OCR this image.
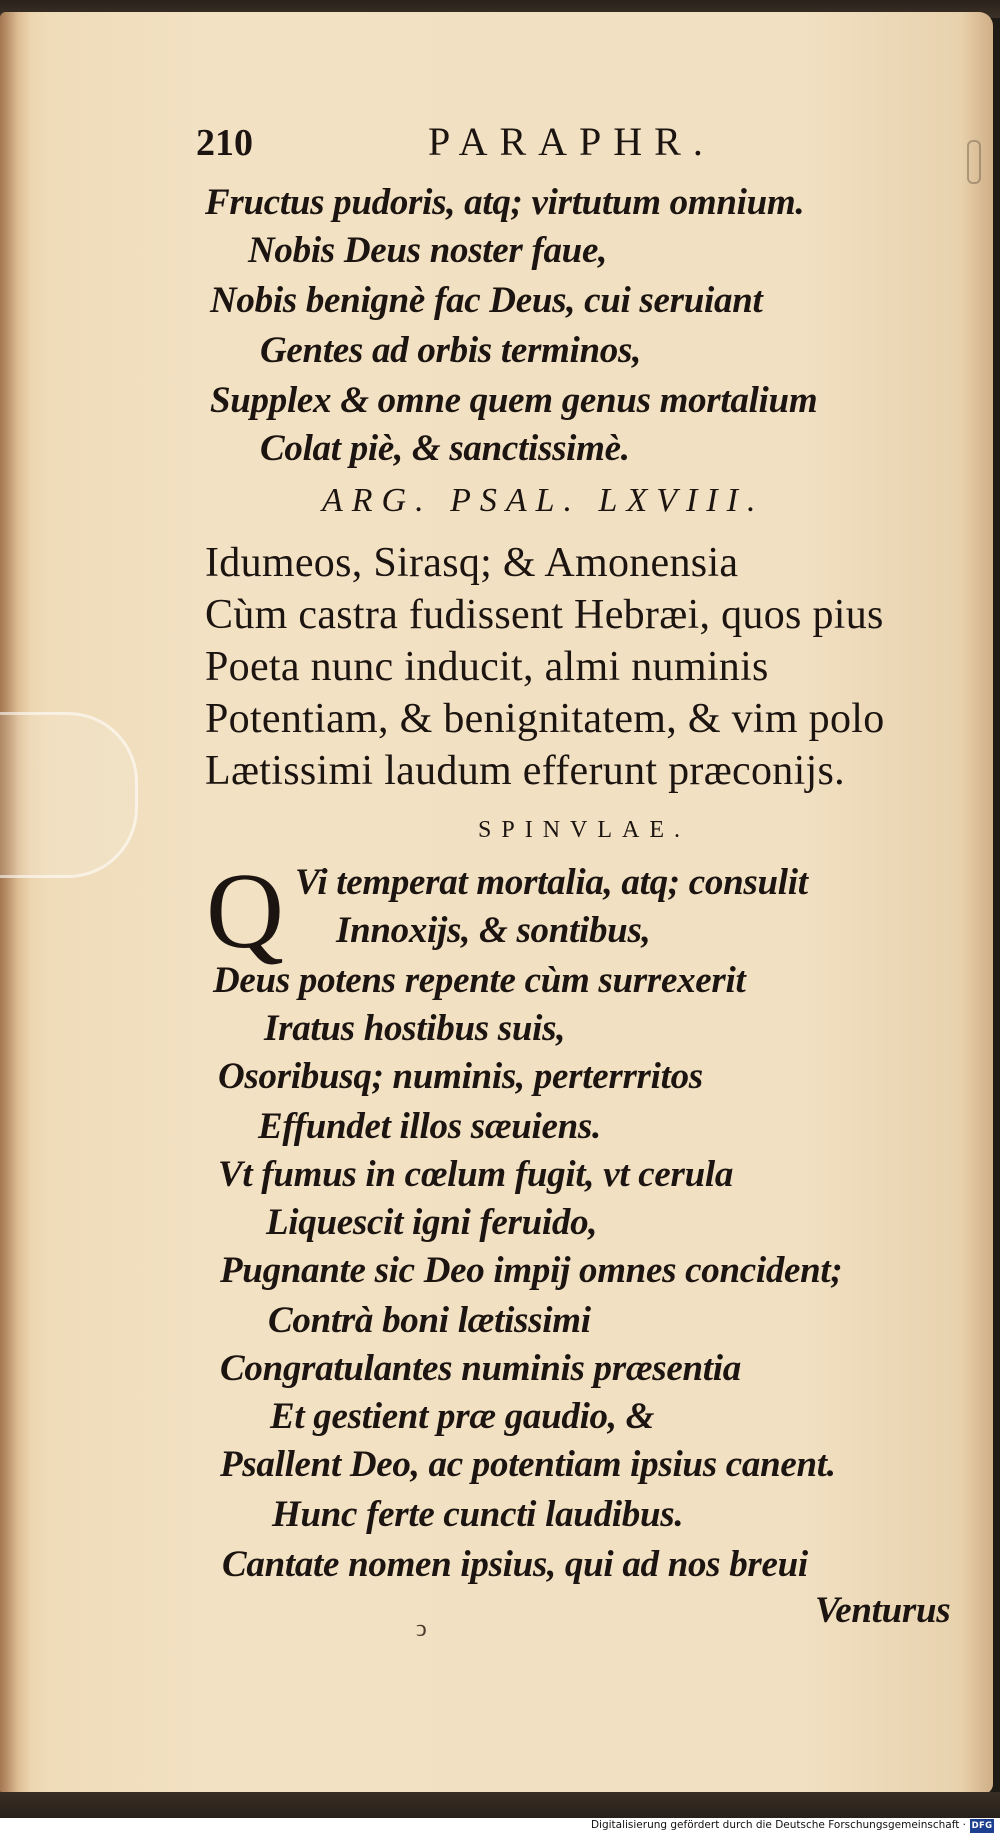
210	PARAPHR.
Fructus pudoris, atq; virtutum omnium.
Nobis Deus noster faue,
Nobis benignè fac Deus, cui seruiant
Gentes ad orbis terminos,
Supplex & omne quem genus mortalium
Colat piè, & sanctissimè.
ARG. PSAL. LXVIII.
Idumeos, Sirasq; & Amonensia
Cùm castra fudissent Hebræi, quos pius
Poeta nunc inducit, almi numinis
Potentiam, & benignitatem, & vim polo
Lætissimi laudum efferunt præconijs.
SPINVLAE.
Q Vi temperat mortalia, atq; consulit
Innoxijs, & sontibus,
Deus potens repente cùm surrexerit
Iratus hostibus suis,
Osoribusq; numinis, perterrritos
Effundet illos sæuiens.
Vt fumus in cœlum fugit, vt cerula
Liquescit igni feruido,
Pugnante sic Deo impij omnes concident;
Contrà boni lætissimi
Congratulantes numinis præsentia
Et gestient præ gaudio, &
Psallent Deo, ac potentiam ipsius canent.
Hunc ferte cuncti laudibus.
Cantate nomen ipsius, qui ad nos breui
Venturus
ͻ
Digitalisierung gefördert durch die Deutsche Forschungsgemeinschaft · DFG
